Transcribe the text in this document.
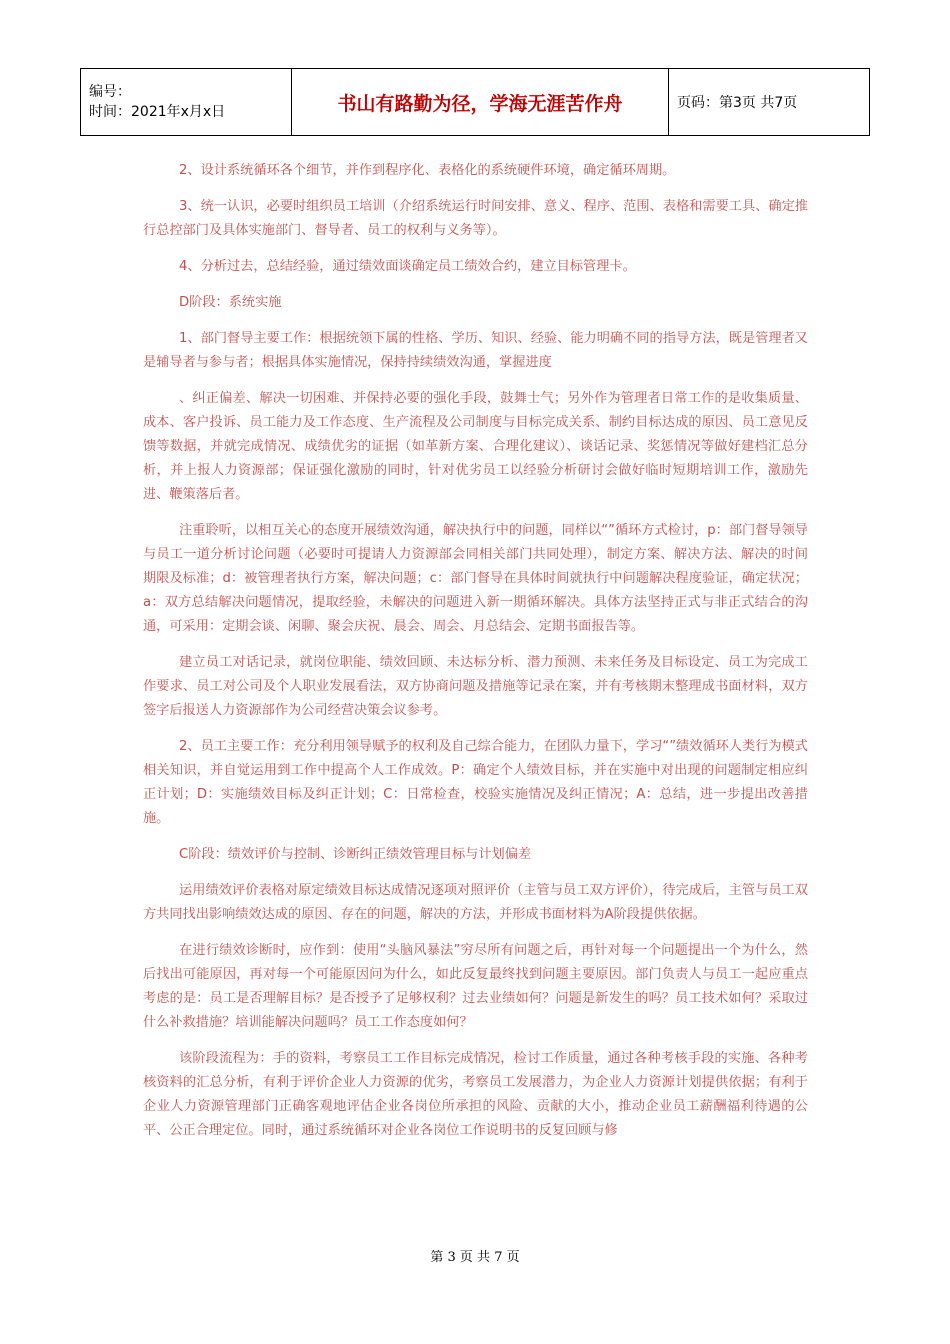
编号：
时间：2021年x月x日	书山有路勤为径，学海无涯苦作舟	页码：第3页 共7页

2、设计系统循环各个细节，并作到程序化、表格化的系统硬件环境，确定循环周期。

3、统一认识，必要时组织员工培训（介绍系统运行时间安排、意义、程序、范围、表格和需要工具、确定推行总控部门及具体实施部门、督导者、员工的权利与义务等）。

4、分析过去，总结经验，通过绩效面谈确定员工绩效合约，建立目标管理卡。

D阶段：系统实施

1、部门督导主要工作：根据统领下属的性格、学历、知识、经验、能力明确不同的指导方法，既是管理者又是辅导者与参与者；根据具体实施情况，保持持续绩效沟通，掌握进度

、纠正偏差、解决一切困难、并保持必要的强化手段，鼓舞士气；另外作为管理者日常工作的是收集质量、成本、客户投诉、员工能力及工作态度、生产流程及公司制度与目标完成关系、制约目标达成的原因、员工意见反馈等数据，并就完成情况、成绩优劣的证据（如革新方案、合理化建议）、谈话记录、奖惩情况等做好建档汇总分析，并上报人力资源部；保证强化激励的同时，针对优劣员工以经验分析研讨会做好临时短期培训工作，激励先进、鞭策落后者。

注重聆听，以相互关心的态度开展绩效沟通，解决执行中的问题，同样以“”循环方式检讨，p：部门督导领导与员工一道分析讨论问题（必要时可提请人力资源部会同相关部门共同处理），制定方案、解决方法、解决的时间期限及标准；d：被管理者执行方案，解决问题；c：部门督导在具体时间就执行中问题解决程度验证，确定状况；a：双方总结解决问题情况，提取经验，未解决的问题进入新一期循环解决。具体方法坚持正式与非正式结合的沟通，可采用：定期会谈、闲聊、聚会庆祝、晨会、周会、月总结会、定期书面报告等。

建立员工对话记录，就岗位职能、绩效回顾、未达标分析、潜力预测、未来任务及目标设定、员工为完成工作要求、员工对公司及个人职业发展看法，双方协商问题及措施等记录在案，并有考核期末整理成书面材料，双方签字后报送人力资源部作为公司经营决策会议参考。

2、员工主要工作：充分利用领导赋予的权利及自己综合能力，在团队力量下，学习“”绩效循环人类行为模式相关知识，并自觉运用到工作中提高个人工作成效。P：确定个人绩效目标，并在实施中对出现的问题制定相应纠正计划；D：实施绩效目标及纠正计划；C：日常检查，校验实施情况及纠正情况；A：总结，进一步提出改善措施。

C阶段：绩效评价与控制、诊断纠正绩效管理目标与计划偏差

运用绩效评价表格对原定绩效目标达成情况逐项对照评价（主管与员工双方评价），待完成后，主管与员工双方共同找出影响绩效达成的原因、存在的问题，解决的方法，并形成书面材料为A阶段提供依据。

在进行绩效诊断时，应作到：使用“头脑风暴法”穷尽所有问题之后，再针对每一个问题提出一个为什么，然后找出可能原因，再对每一个可能原因问为什么，如此反复最终找到问题主要原因。部门负责人与员工一起应重点考虑的是：员工是否理解目标？是否授予了足够权利？过去业绩如何？问题是新发生的吗？员工技术如何？采取过什么补救措施？培训能解决问题吗？员工工作态度如何？

该阶段流程为：手的资料，考察员工工作目标完成情况，检讨工作质量，通过各种考核手段的实施、各种考核资料的汇总分析，有利于评价企业人力资源的优劣，考察员工发展潜力，为企业人力资源计划提供依据；有利于企业人力资源管理部门正确客观地评估企业各岗位所承担的风险、贡献的大小，推动企业员工薪酬福利待遇的公平、公正合理定位。同时，通过系统循环对企业各岗位工作说明书的反复回顾与修

第 3 页 共 7 页
